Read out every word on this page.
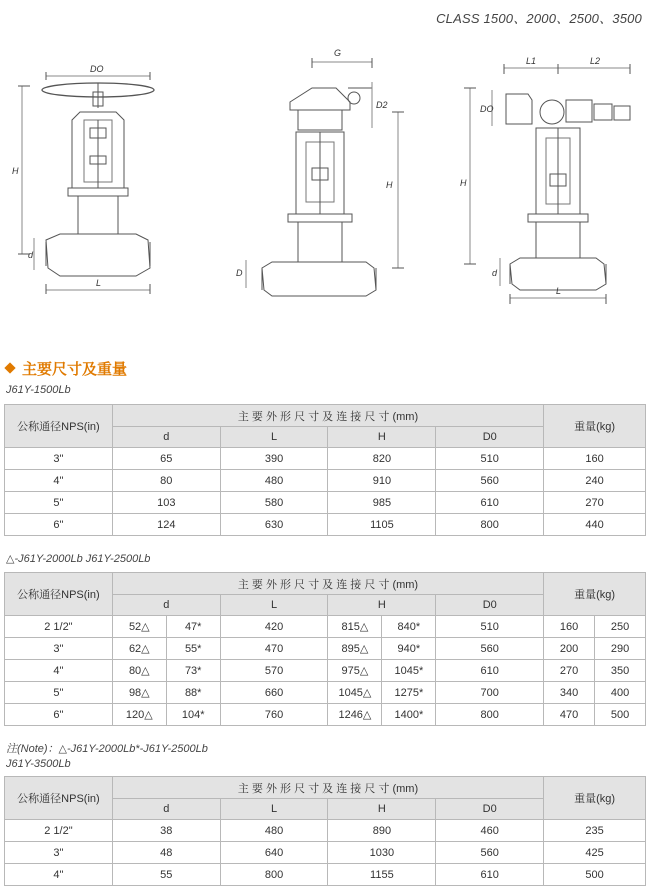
CLASS 1500、2000、2500、3500
DO
d
H
L
G
D2
H
D
L1	L2
DO
H
d
L
主要尺寸及重量
J61Y-1500Lb
公称通径NPS(in)	主 要 外 形 尺 寸 及 连 接 尺 寸 (mm)				重量(kg)
	d	L	H	D0	
3"	65	390	820	510	160
4"	80	480	910	560	240
5"	103	580	985	610	270
6"	124	630	1105	800	440
△-J61Y-2000Lb J61Y-2500Lb
公称通径NPS(in)	主 要 外 形 尺 寸 及 连 接 尺 寸 (mm)						重量(kg)	
	d		L	H		D0		
2 1/2"	52△	47*	420	815△	840*	510	160	250
3"	62△	55*	470	895△	940*	560	200	290
4"	80△	73*	570	975△	1045*	610	270	350
5"	98△	88*	660	1045△	1275*	700	340	400
6"	120△	104*	760	1246△	1400*	800	470	500
注(Note)：△-J61Y-2000Lb*-J61Y-2500Lb
J61Y-3500Lb
公称通径NPS(in)	主 要 外 形 尺 寸 及 连 接 尺 寸 (mm)				重量(kg)
	d	L	H	D0	
2 1/2"	38	480	890	460	235
3"	48	640	1030	560	425
4"	55	800	1155	610	500
